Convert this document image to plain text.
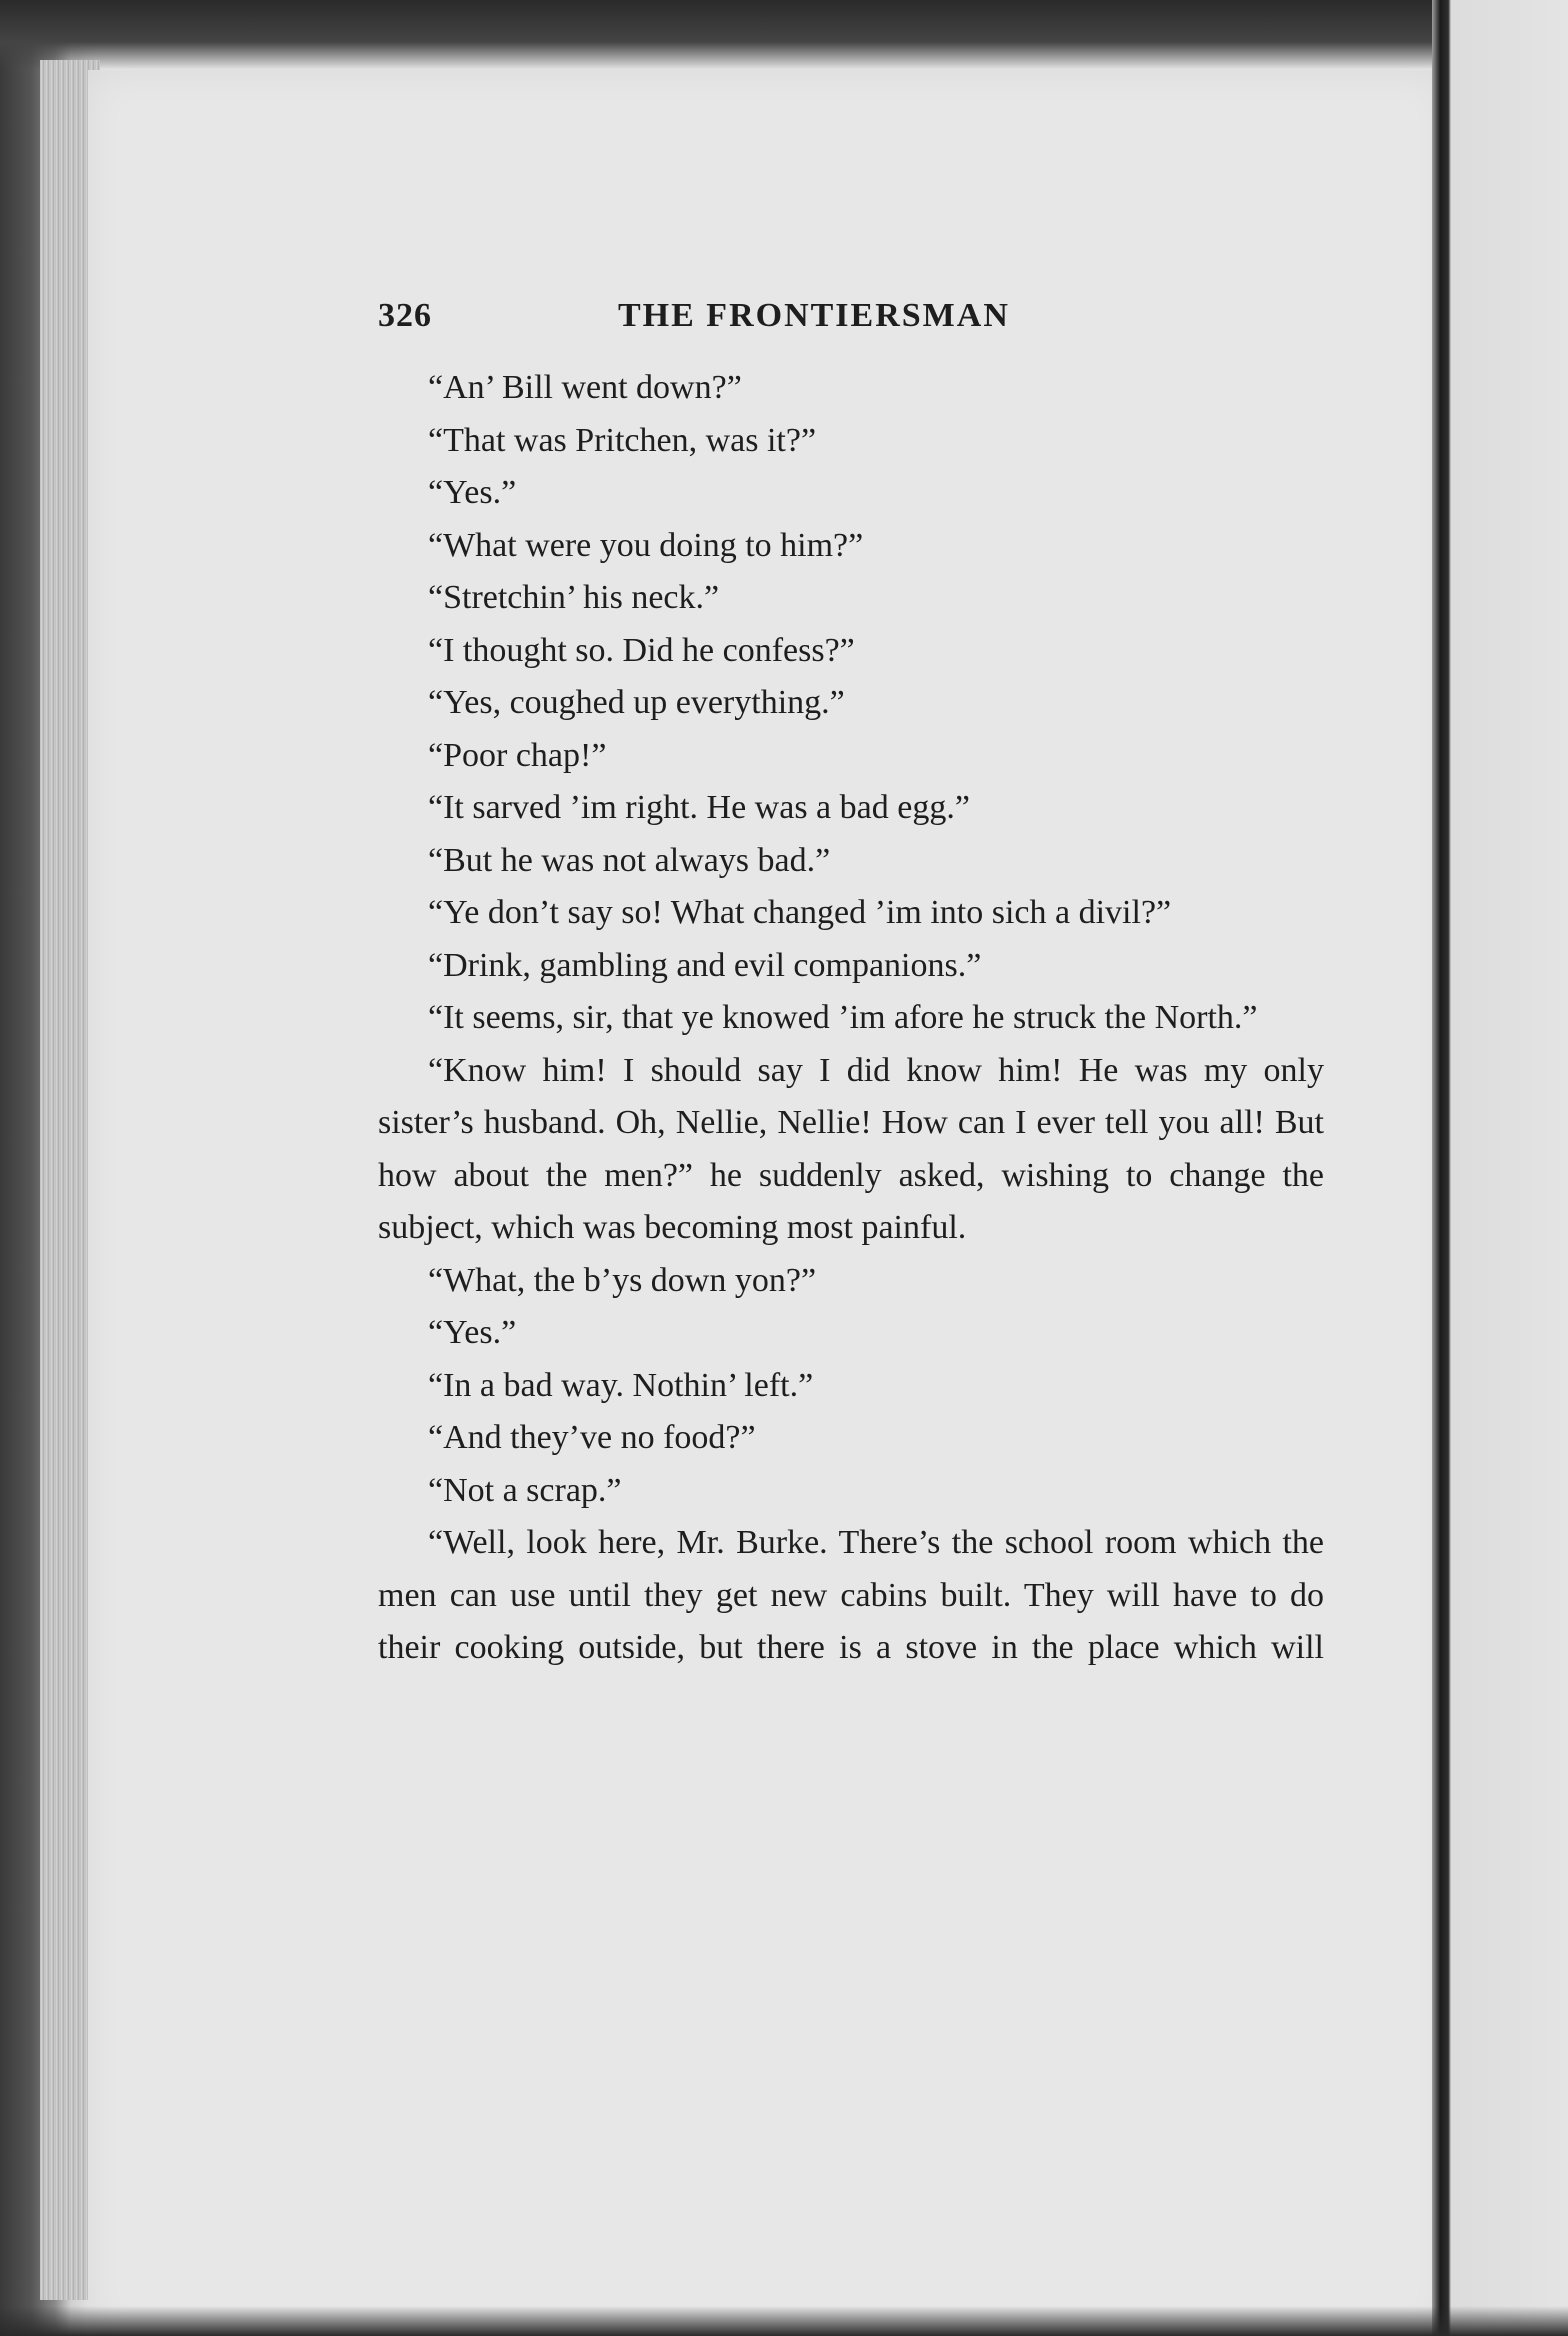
326	THE FRONTIERSMAN

“An’ Bill went down?”

“That was Pritchen, was it?”

“Yes.”

“What were you doing to him?”

“Stretchin’ his neck.”

“I thought so. Did he confess?”

“Yes, coughed up everything.”

“Poor chap!”

“It sarved ’im right. He was a bad egg.”

“But he was not always bad.”

“Ye don’t say so! What changed ’im into sich a divil?”

“Drink, gambling and evil companions.”

“It seems, sir, that ye knowed ’im afore he struck the North.”

“Know him! I should say I did know him! He was my only sister’s husband. Oh, Nellie, Nellie! How can I ever tell you all! But how about the men?” he suddenly asked, wishing to change the subject, which was becoming most painful.

“What, the b’ys down yon?”

“Yes.”

“In a bad way. Nothin’ left.”

“And they’ve no food?”

“Not a scrap.”

“Well, look here, Mr. Burke. There’s the school room which the men can use until they get new cabins built. They will have to do their cooking outside, but there is a stove in the place which will
